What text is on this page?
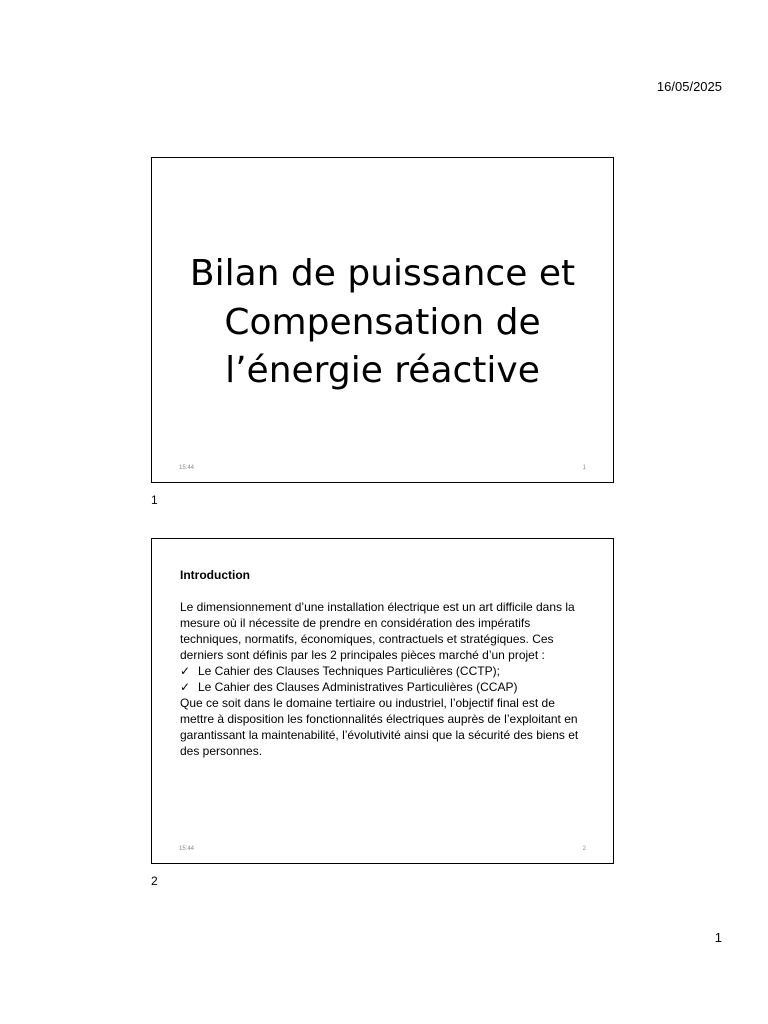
16/05/2025
Bilan de puissance et
Compensation de
l’énergie réactive
15:44	1
1
Introduction

Le dimensionnement d’une installation électrique est un art difficile dans la mesure où il nécessite de prendre en considération des impératifs techniques, normatifs, économiques, contractuels et stratégiques. Ces derniers sont définis par les 2 principales pièces marché d’un projet :

✓ Le Cahier des Clauses Techniques Particulières (CCTP);
✓ Le Cahier des Clauses Administratives Particulières (CCAP)

Que ce soit dans le domaine tertiaire ou industriel, l’objectif final est de mettre à disposition les fonctionnalités électriques auprès de l’exploitant en garantissant la maintenabilité, l’évolutivité ainsi que la sécurité des biens et des personnes.

15:44	2
2
1
